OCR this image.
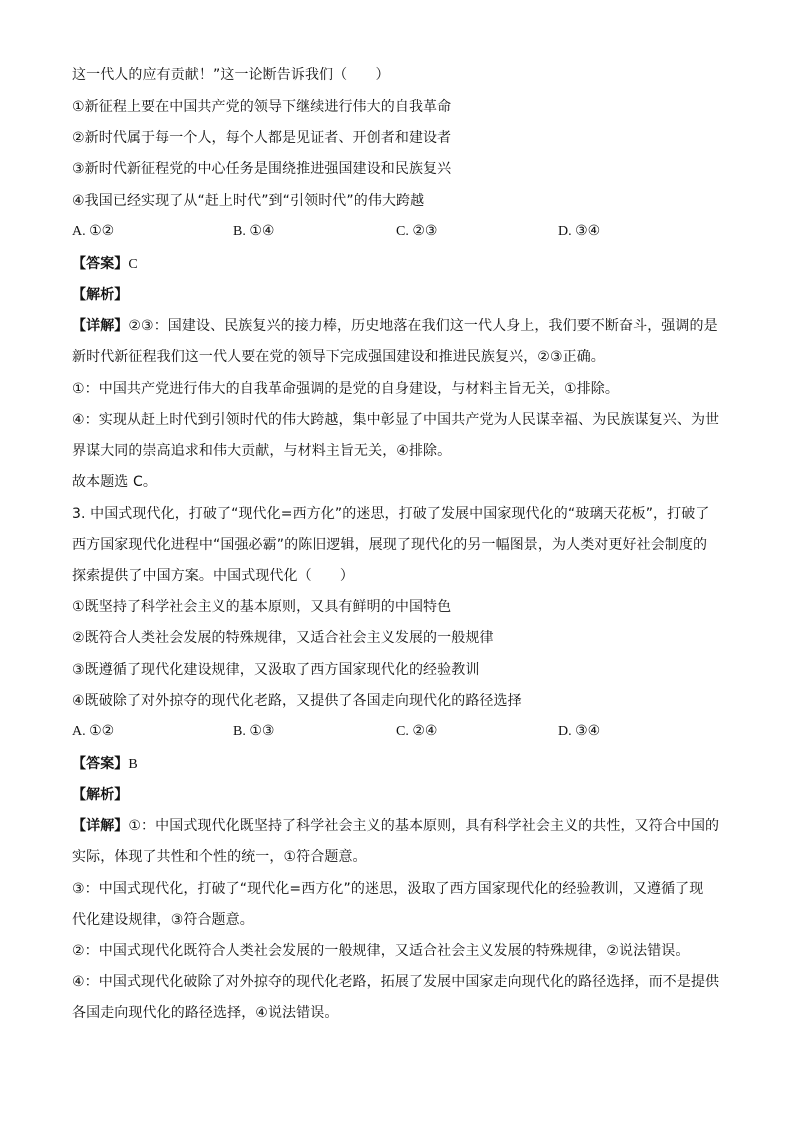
这一代人的应有贡献！”这一论断告诉我们（　　）
①新征程上要在中国共产党的领导下继续进行伟大的自我革命
②新时代属于每一个人，每个人都是见证者、开创者和建设者
③新时代新征程党的中心任务是围绕推进强国建设和民族复兴
④我国已经实现了从“赶上时代”到“引领时代”的伟大跨越
A. ①②	B. ①④	C. ②③	D. ③④
【答案】C
【解析】
【详解】②③：国建设、民族复兴的接力棒，历史地落在我们这一代人身上，我们要不断奋斗，强调的是
新时代新征程我们这一代人要在党的领导下完成强国建设和推进民族复兴，②③正确。
①：中国共产党进行伟大的自我革命强调的是党的自身建设，与材料主旨无关，①排除。
④：实现从赶上时代到引领时代的伟大跨越，集中彰显了中国共产党为人民谋幸福、为民族谋复兴、为世
界谋大同的崇高追求和伟大贡献，与材料主旨无关，④排除。
故本题选 C。
3. 中国式现代化，打破了“现代化=西方化”的迷思，打破了发展中国家现代化的“玻璃天花板”，打破了
西方国家现代化进程中“国强必霸”的陈旧逻辑，展现了现代化的另一幅图景，为人类对更好社会制度的
探索提供了中国方案。中国式现代化（　　）
①既坚持了科学社会主义的基本原则，又具有鲜明的中国特色
②既符合人类社会发展的特殊规律，又适合社会主义发展的一般规律
③既遵循了现代化建设规律，又汲取了西方国家现代化的经验教训
④既破除了对外掠夺的现代化老路，又提供了各国走向现代化的路径选择
A. ①②	B. ①③	C. ②④	D. ③④
【答案】B
【解析】
【详解】①：中国式现代化既坚持了科学社会主义的基本原则，具有科学社会主义的共性，又符合中国的
实际，体现了共性和个性的统一，①符合题意。
③：中国式现代化，打破了“现代化=西方化”的迷思，汲取了西方国家现代化的经验教训，又遵循了现
代化建设规律，③符合题意。
②：中国式现代化既符合人类社会发展的一般规律，又适合社会主义发展的特殊规律，②说法错误。
④：中国式现代化破除了对外掠夺的现代化老路，拓展了发展中国家走向现代化的路径选择，而不是提供
各国走向现代化的路径选择，④说法错误。
